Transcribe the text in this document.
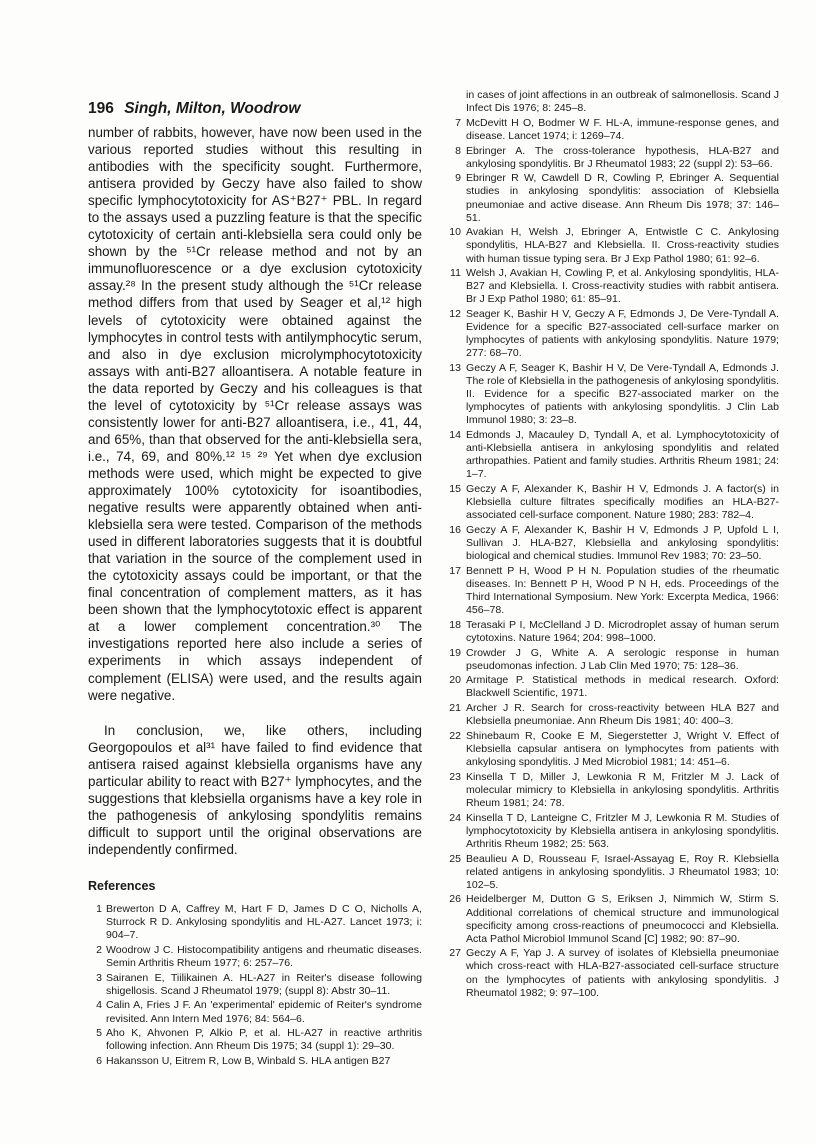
196 Singh, Milton, Woodrow

number of rabbits, however, have now been used in the various reported studies without this resulting in antibodies with the specificity sought. Furthermore, antisera provided by Geczy have also failed to show specific lymphocytotoxicity for AS⁺B27⁺ PBL. In regard to the assays used a puzzling feature is that the specific cytotoxicity of certain anti-klebsiella sera could only be shown by the ⁵¹Cr release method and not by an immunofluorescence or a dye exclusion cytotoxicity assay.²⁸ In the present study although the ⁵¹Cr release method differs from that used by Seager et al,¹² high levels of cytotoxicity were obtained against the lymphocytes in control tests with antilymphocytic serum, and also in dye exclusion microlymphocytotoxicity assays with anti-B27 alloantisera. A notable feature in the data reported by Geczy and his colleagues is that the level of cytotoxicity by ⁵¹Cr release assays was consistently lower for anti-B27 alloantisera, i.e., 41, 44, and 65%, than that observed for the anti-klebsiella sera, i.e., 74, 69, and 80%.¹² ¹⁵ ²⁹ Yet when dye exclusion methods were used, which might be expected to give approximately 100% cytotoxicity for isoantibodies, negative results were apparently obtained when anti-klebsiella sera were tested. Comparison of the methods used in different laboratories suggests that it is doubtful that variation in the source of the complement used in the cytotoxicity assays could be important, or that the final concentration of complement matters, as it has been shown that the lymphocytotoxic effect is apparent at a lower complement concentration.³⁰ The investigations reported here also include a series of experiments in which assays independent of complement (ELISA) were used, and the results again were negative.

In conclusion, we, like others, including Georgopoulos et al³¹ have failed to find evidence that antisera raised against klebsiella organisms have any particular ability to react with B27⁺ lymphocytes, and the suggestions that klebsiella organisms have a key role in the pathogenesis of ankylosing spondylitis remains difficult to support until the original observations are independently confirmed.

References
1 Brewerton D A, Caffrey M, Hart F D, James D C O, Nicholls A, Sturrock R D. Ankylosing spondylitis and HL-A27. Lancet 1973; i: 904–7.
2 Woodrow J C. Histocompatibility antigens and rheumatic diseases. Semin Arthritis Rheum 1977; 6: 257–76.
3 Sairanen E, Tiilikainen A. HL-A27 in Reiter's disease following shigellosis. Scand J Rheumatol 1979; (suppl 8): Abstr 30–11.
4 Calin A, Fries J F. An 'experimental' epidemic of Reiter's syndrome revisited. Ann Intern Med 1976; 84: 564–6.
5 Aho K, Ahvonen P, Alkio P, et al. HL-A27 in reactive arthritis following infection. Ann Rheum Dis 1975; 34 (suppl 1): 29–30.
6 Hakansson U, Eitrem R, Low B, Winbald S. HLA antigen B27
in cases of joint affections in an outbreak of salmonellosis. Scand J Infect Dis 1976; 8: 245–8.
7 McDevitt H O, Bodmer W F. HL-A, immune-response genes, and disease. Lancet 1974; i: 1269–74.
8 Ebringer A. The cross-tolerance hypothesis, HLA-B27 and ankylosing spondylitis. Br J Rheumatol 1983; 22 (suppl 2): 53–66.
9 Ebringer R W, Cawdell D R, Cowling P, Ebringer A. Sequential studies in ankylosing spondylitis: association of Klebsiella pneumoniae and active disease. Ann Rheum Dis 1978; 37: 146–51.
10 Avakian H, Welsh J, Ebringer A, Entwistle C C. Ankylosing spondylitis, HLA-B27 and Klebsiella. II. Cross-reactivity studies with human tissue typing sera. Br J Exp Pathol 1980; 61: 92–6.
11 Welsh J, Avakian H, Cowling P, et al. Ankylosing spondylitis, HLA-B27 and Klebsiella. I. Cross-reactivity studies with rabbit antisera. Br J Exp Pathol 1980; 61: 85–91.
12 Seager K, Bashir H V, Geczy A F, Edmonds J, De Vere-Tyndall A. Evidence for a specific B27-associated cell-surface marker on lymphocytes of patients with ankylosing spondylitis. Nature 1979; 277: 68–70.
13 Geczy A F, Seager K, Bashir H V, De Vere-Tyndall A, Edmonds J. The role of Klebsiella in the pathogenesis of ankylosing spondylitis. II. Evidence for a specific B27-associated marker on the lymphocytes of patients with ankylosing spondylitis. J Clin Lab Immunol 1980; 3: 23–8.
14 Edmonds J, Macauley D, Tyndall A, et al. Lymphocytotoxicity of anti-Klebsiella antisera in ankylosing spondylitis and related arthropathies. Patient and family studies. Arthritis Rheum 1981; 24: 1–7.
15 Geczy A F, Alexander K, Bashir H V, Edmonds J. A factor(s) in Klebsiella culture filtrates specifically modifies an HLA-B27-associated cell-surface component. Nature 1980; 283: 782–4.
16 Geczy A F, Alexander K, Bashir H V, Edmonds J P, Upfold L I, Sullivan J. HLA-B27, Klebsiella and ankylosing spondylitis: biological and chemical studies. Immunol Rev 1983; 70: 23–50.
17 Bennett P H, Wood P H N. Population studies of the rheumatic diseases. In: Bennett P H, Wood P N H, eds. Proceedings of the Third International Symposium. New York: Excerpta Medica, 1966: 456–78.
18 Terasaki P I, McClelland J D. Microdroplet assay of human serum cytotoxins. Nature 1964; 204: 998–1000.
19 Crowder J G, White A. A serologic response in human pseudomonas infection. J Lab Clin Med 1970; 75: 128–36.
20 Armitage P. Statistical methods in medical research. Oxford: Blackwell Scientific, 1971.
21 Archer J R. Search for cross-reactivity between HLA B27 and Klebsiella pneumoniae. Ann Rheum Dis 1981; 40: 400–3.
22 Shinebaum R, Cooke E M, Siegerstetter J, Wright V. Effect of Klebsiella capsular antisera on lymphocytes from patients with ankylosing spondylitis. J Med Microbiol 1981; 14: 451–6.
23 Kinsella T D, Miller J, Lewkonia R M, Fritzler M J. Lack of molecular mimicry to Klebsiella in ankylosing spondylitis. Arthritis Rheum 1981; 24: 78.
24 Kinsella T D, Lanteigne C, Fritzler M J, Lewkonia R M. Studies of lymphocytotoxicity by Klebsiella antisera in ankylosing spondylitis. Arthritis Rheum 1982; 25: 563.
25 Beaulieu A D, Rousseau F, Israel-Assayag E, Roy R. Klebsiella related antigens in ankylosing spondylitis. J Rheumatol 1983; 10: 102–5.
26 Heidelberger M, Dutton G S, Eriksen J, Nimmich W, Stirm S. Additional correlations of chemical structure and immunological specificity among cross-reactions of pneumococci and Klebsiella. Acta Pathol Microbiol Immunol Scand [C] 1982; 90: 87–90.
27 Geczy A F, Yap J. A survey of isolates of Klebsiella pneumoniae which cross-react with HLA-B27-associated cell-surface structure on the lymphocytes of patients with ankylosing spondylitis. J Rheumatol 1982; 9: 97–100.
